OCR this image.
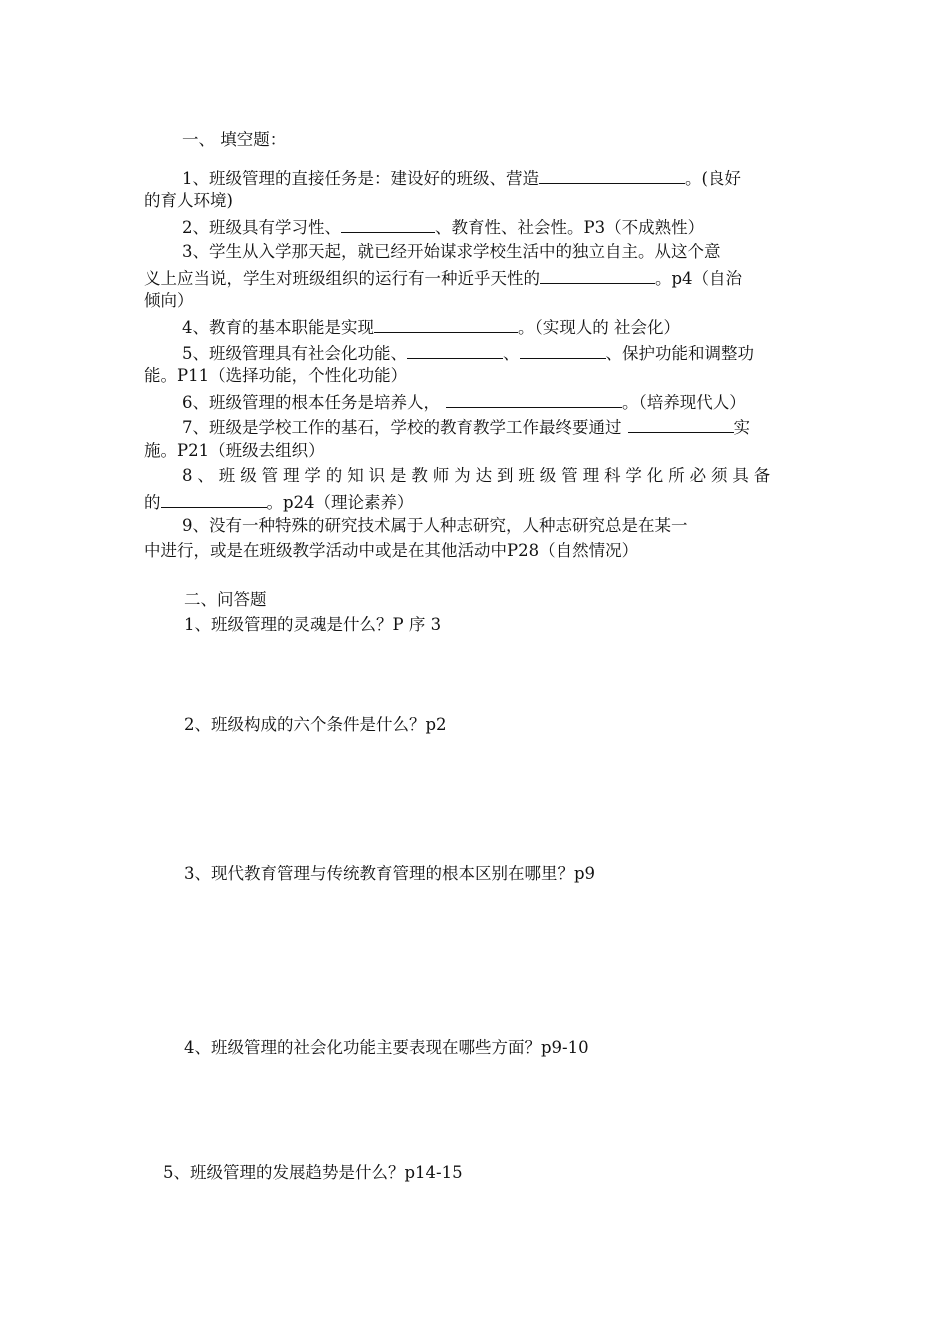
一、 填空题：
1、班级管理的直接任务是：建设好的班级、营造	。(良好
的育人环境)
2、班级具有学习性、	、教育性、社会性。P3（不成熟性）
3、学生从入学那天起，就已经开始谋求学校生活中的独立自主。从这个意
义上应当说，学生对班级组织的运行有一种近乎天性的	。p4（自治
倾向）
4、教育的基本职能是实现	。（实现人的 社会化）
5、班级管理具有社会化功能、	、	、保护功能和调整功
能。P11（选择功能，个性化功能）
6、班级管理的根本任务是培养人，	。（培养现代人）
7、班级是学校工作的基石，学校的教育教学工作最终要通过	实
施。P21（班级去组织）
8、班级管理学的知识是教师为达到班级管理科学化所必须具备
的	。p24（理论素养）
9、没有一种特殊的研究技术属于人种志研究，人种志研究总是在某一
中进行，或是在班级教学活动中或是在其他活动中P28（自然情况）
二、问答题
1、班级管理的灵魂是什么？P 序 3
2、班级构成的六个条件是什么？p2
3、现代教育管理与传统教育管理的根本区别在哪里？p9
4、班级管理的社会化功能主要表现在哪些方面？p9-10
5、班级管理的发展趋势是什么？p14-15
